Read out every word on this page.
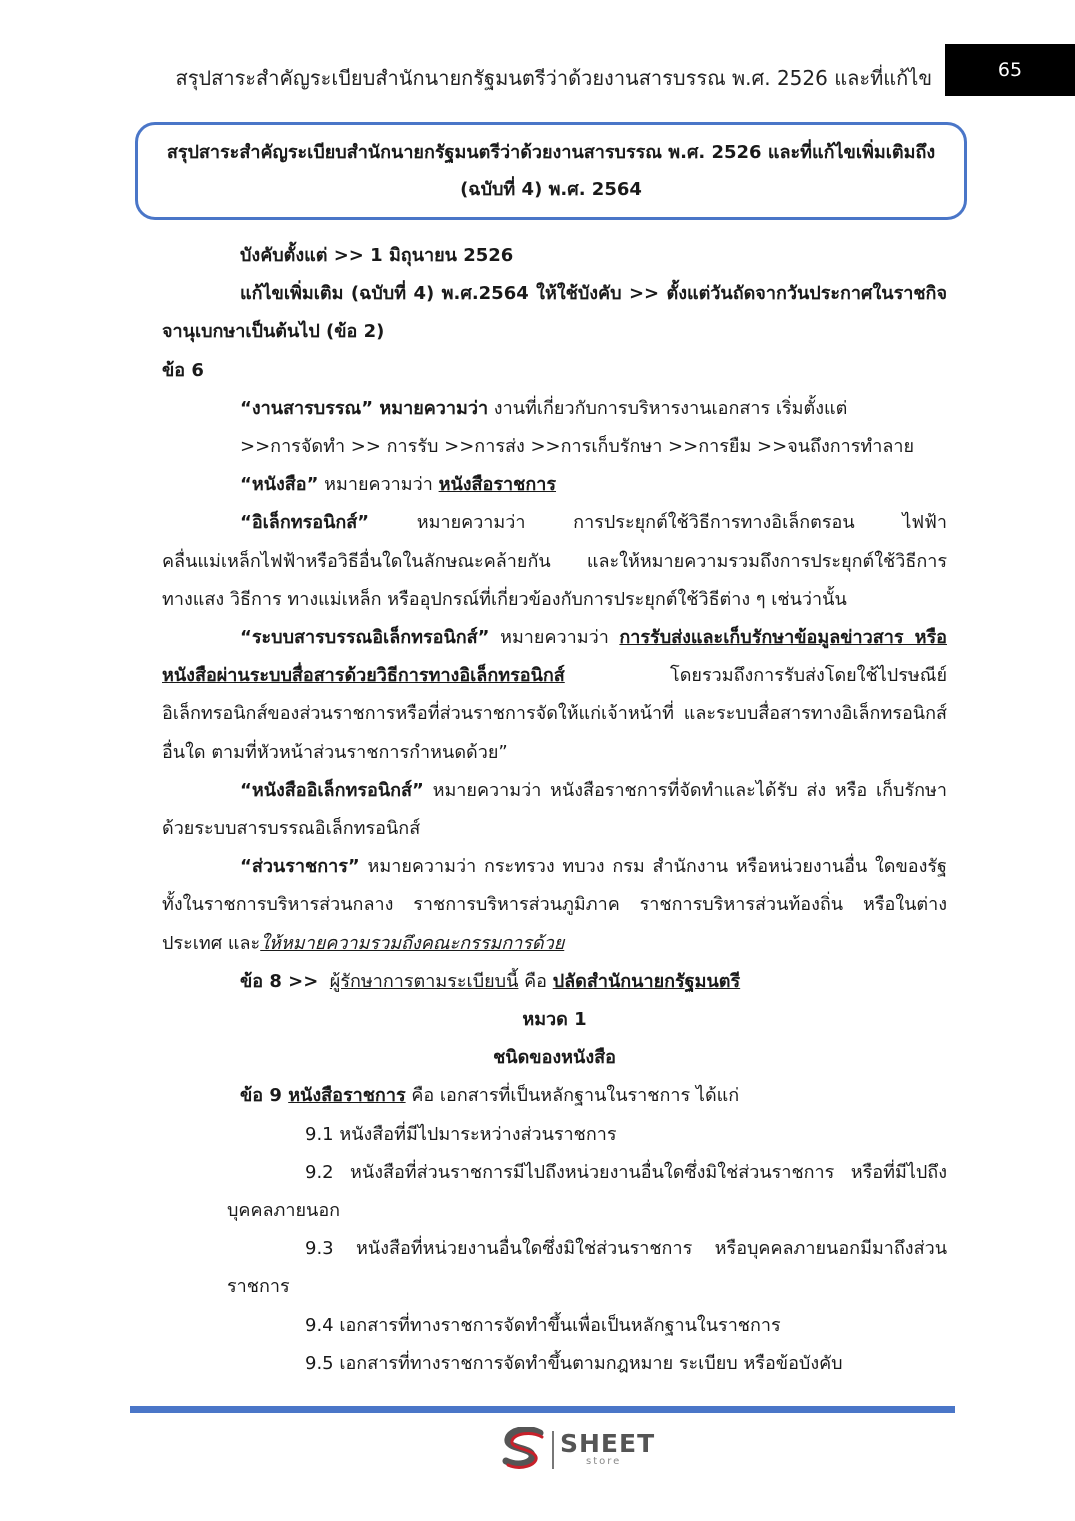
สรุปสาระสำคัญระเบียบสำนักนายกรัฐมนตรีว่าด้วยงานสารบรรณ พ.ศ. 2526 และที่แก้ไข	65
สรุปสาระสำคัญระเบียบสำนักนายกรัฐมนตรีว่าด้วยงานสารบรรณ พ.ศ. 2526 และที่แก้ไขเพิ่มเติมถึง
(ฉบับที่ 4) พ.ศ. 2564

บังคับตั้งแต่ >> 1 มิถุนายน 2526

แก้ไขเพิ่มเติม (ฉบับที่ 4) พ.ศ.2564 ให้ใช้บังคับ >> ตั้งแต่วันถัดจากวันประกาศในราชกิจจานุเบกษาเป็นต้นไป (ข้อ 2)

ข้อ 6

“งานสารบรรณ” หมายความว่า งานที่เกี่ยวกับการบริหารงานเอกสาร เริ่มตั้งแต่

>>การจัดทำ >> การรับ >>การส่ง >>การเก็บรักษา >>การยืม >>จนถึงการทำลาย

“หนังสือ” หมายความว่า หนังสือราชการ

“อิเล็กทรอนิกส์” หมายความว่า การประยุกต์ใช้วิธีการทางอิเล็กตรอน ไฟฟ้า คลื่นแม่เหล็กไฟฟ้าหรือวิธีอื่นใดในลักษณะคล้ายกัน และให้หมายความรวมถึงการประยุกต์ใช้วิธีการทางแสง วิธีการ ทางแม่เหล็ก หรืออุปกรณ์ที่เกี่ยวข้องกับการประยุกต์ใช้วิธีต่าง ๆ เช่นว่านั้น

“ระบบสารบรรณอิเล็กทรอนิกส์” หมายความว่า การรับส่งและเก็บรักษาข้อมูลข่าวสาร หรือหนังสือผ่านระบบสื่อสารด้วยวิธีการทางอิเล็กทรอนิกส์ โดยรวมถึงการรับส่งโดยใช้ไปรษณีย์อิเล็กทรอนิกส์ของส่วนราชการหรือที่ส่วนราชการจัดให้แก่เจ้าหน้าที่ และระบบสื่อสารทางอิเล็กทรอนิกส์อื่นใด ตามที่หัวหน้าส่วนราชการกำหนดด้วย”

“หนังสืออิเล็กทรอนิกส์” หมายความว่า หนังสือราชการที่จัดทำและได้รับ ส่ง หรือ เก็บรักษาด้วยระบบสารบรรณอิเล็กทรอนิกส์

“ส่วนราชการ” หมายความว่า กระทรวง ทบวง กรม สำนักงาน หรือหน่วยงานอื่น ใดของรัฐ ทั้งในราชการบริหารส่วนกลาง ราชการบริหารส่วนภูมิภาค ราชการบริหารส่วนท้องถิ่น หรือในต่างประเทศ และให้หมายความรวมถึงคณะกรรมการด้วย

ข้อ 8 >> ผู้รักษาการตามระเบียบนี้ คือ ปลัดสำนักนายกรัฐมนตรี

หมวด 1

ชนิดของหนังสือ

ข้อ 9 หนังสือราชการ คือ เอกสารที่เป็นหลักฐานในราชการ ได้แก่

9.1 หนังสือที่มีไปมาระหว่างส่วนราชการ

9.2 หนังสือที่ส่วนราชการมีไปถึงหน่วยงานอื่นใดซึ่งมิใช่ส่วนราชการ หรือที่มีไปถึงบุคคลภายนอก

9.3 หนังสือที่หน่วยงานอื่นใดซึ่งมิใช่ส่วนราชการ หรือบุคคลภายนอกมีมาถึงส่วนราชการ

9.4 เอกสารที่ทางราชการจัดทำขึ้นเพื่อเป็นหลักฐานในราชการ

9.5 เอกสารที่ทางราชการจัดทำขึ้นตามกฎหมาย ระเบียบ หรือข้อบังคับ

SHEET
store
